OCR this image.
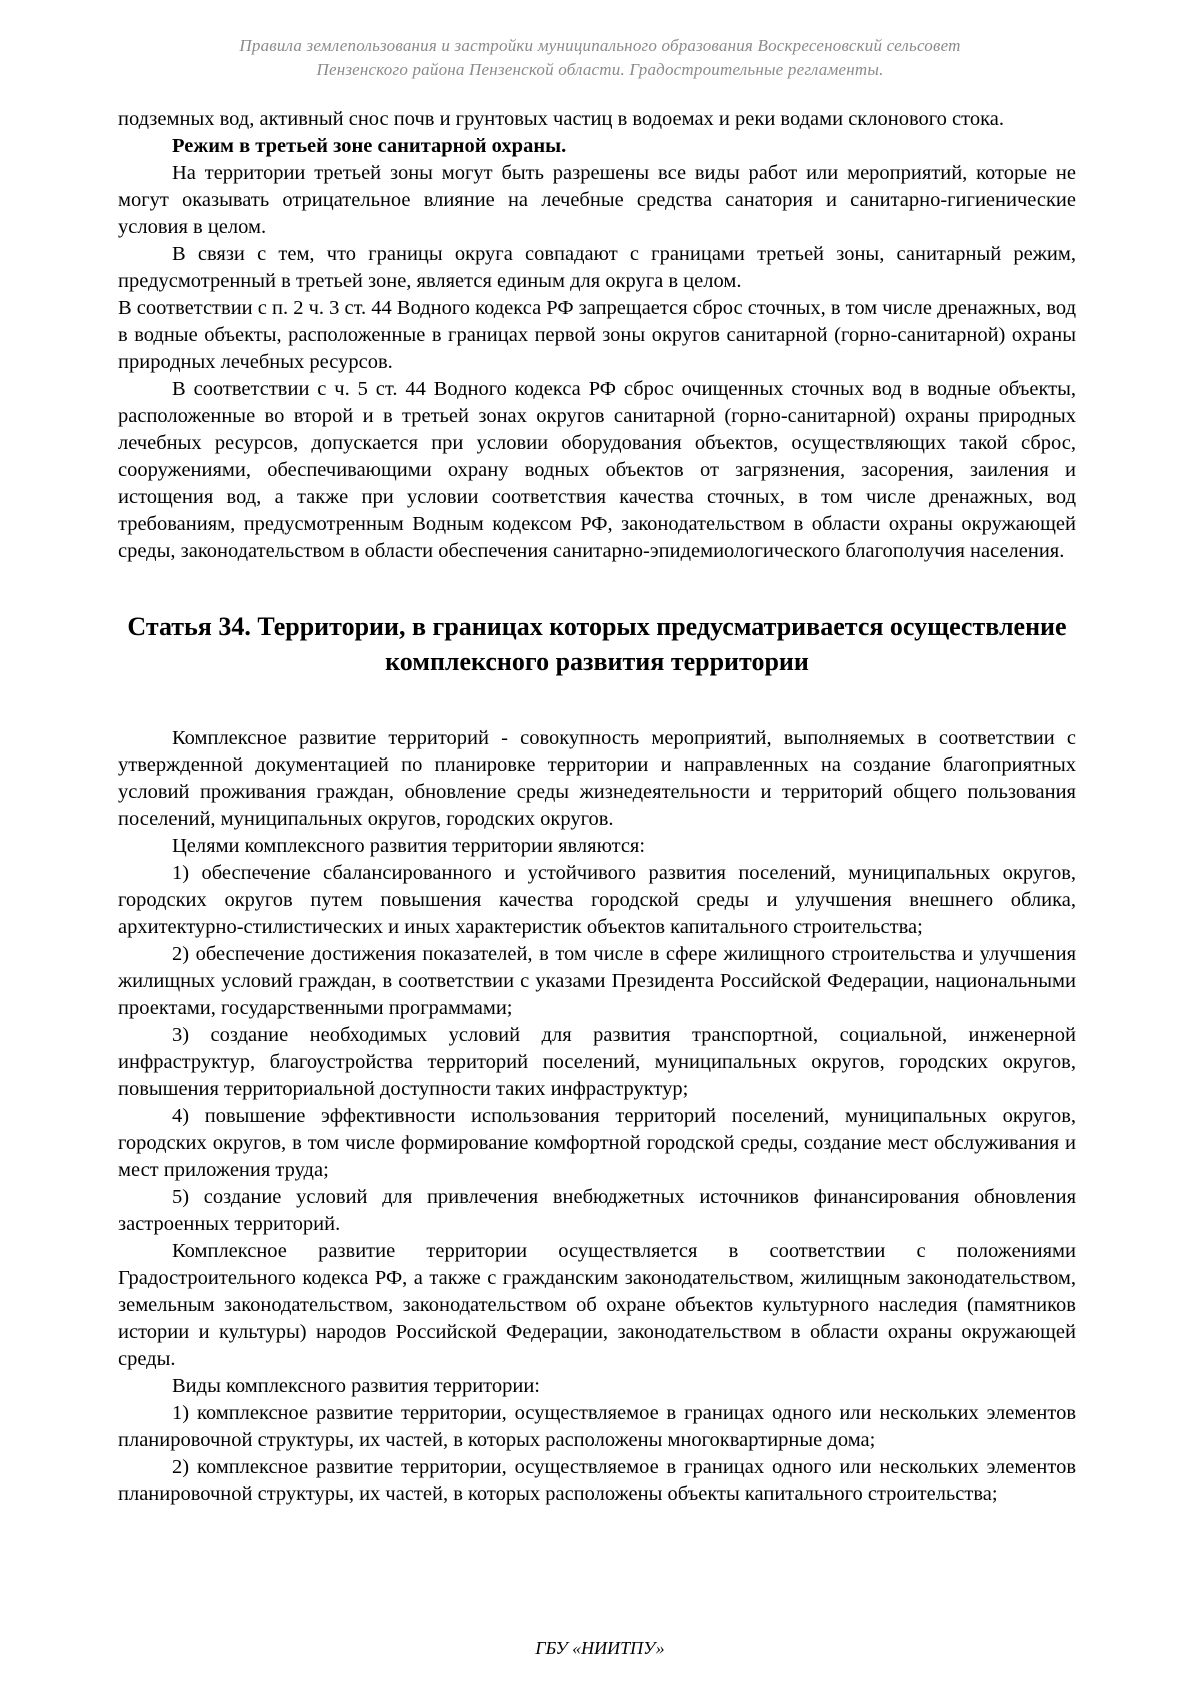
Правила землепользования и застройки муниципального образования Воскресеновский сельсовет
Пензенского района Пензенской области. Градостроительные регламенты.

подземных вод, активный снос почв и грунтовых частиц в водоемах и реки водами склонового стока.

Режим в третьей зоне санитарной охраны.

На территории третьей зоны могут быть разрешены все виды работ или мероприятий, которые не могут оказывать отрицательное влияние на лечебные средства санатория и санитарно-гигиенические условия в целом.

В связи с тем, что границы округа совпадают с границами третьей зоны, санитарный режим, предусмотренный в третьей зоне, является единым для округа в целом.

В соответствии с п. 2 ч. 3 ст. 44 Водного кодекса РФ запрещается сброс сточных, в том числе дренажных, вод в водные объекты, расположенные в границах первой зоны округов санитарной (горно-санитарной) охраны природных лечебных ресурсов.

В соответствии с ч. 5 ст. 44 Водного кодекса РФ сброс очищенных сточных вод в водные объекты, расположенные во второй и в третьей зонах округов санитарной (горно-санитарной) охраны природных лечебных ресурсов, допускается при условии оборудования объектов, осуществляющих такой сброс, сооружениями, обеспечивающими охрану водных объектов от загрязнения, засорения, заиления и истощения вод, а также при условии соответствия качества сточных, в том числе дренажных, вод требованиям, предусмотренным Водным кодексом РФ, законодательством в области охраны окружающей среды, законодательством в области обеспечения санитарно-эпидемиологического благополучия населения.

Статья 34. Территории, в границах которых предусматривается осуществление
комплексного развития территории

Комплексное развитие территорий - совокупность мероприятий, выполняемых в соответствии с утвержденной документацией по планировке территории и направленных на создание благоприятных условий проживания граждан, обновление среды жизнедеятельности и территорий общего пользования поселений, муниципальных округов, городских округов.

Целями комплексного развития территории являются:

1) обеспечение сбалансированного и устойчивого развития поселений, муниципальных округов, городских округов путем повышения качества городской среды и улучшения внешнего облика, архитектурно-стилистических и иных характеристик объектов капитального строительства;

2) обеспечение достижения показателей, в том числе в сфере жилищного строительства и улучшения жилищных условий граждан, в соответствии с указами Президента Российской Федерации, национальными проектами, государственными программами;

3) создание необходимых условий для развития транспортной, социальной, инженерной инфраструктур, благоустройства территорий поселений, муниципальных округов, городских округов, повышения территориальной доступности таких инфраструктур;

4) повышение эффективности использования территорий поселений, муниципальных округов, городских округов, в том числе формирование комфортной городской среды, создание мест обслуживания и мест приложения труда;

5) создание условий для привлечения внебюджетных источников финансирования обновления застроенных территорий.

Комплексное развитие территории осуществляется в соответствии с положениями Градостроительного кодекса РФ, а также с гражданским законодательством, жилищным законодательством, земельным законодательством, законодательством об охране объектов культурного наследия (памятников истории и культуры) народов Российской Федерации, законодательством в области охраны окружающей среды.

Виды комплексного развития территории:

1) комплексное развитие территории, осуществляемое в границах одного или нескольких элементов планировочной структуры, их частей, в которых расположены многоквартирные дома;

2) комплексное развитие территории, осуществляемое в границах одного или нескольких элементов планировочной структуры, их частей, в которых расположены объекты капитального строительства;

ГБУ «НИИТПУ»
